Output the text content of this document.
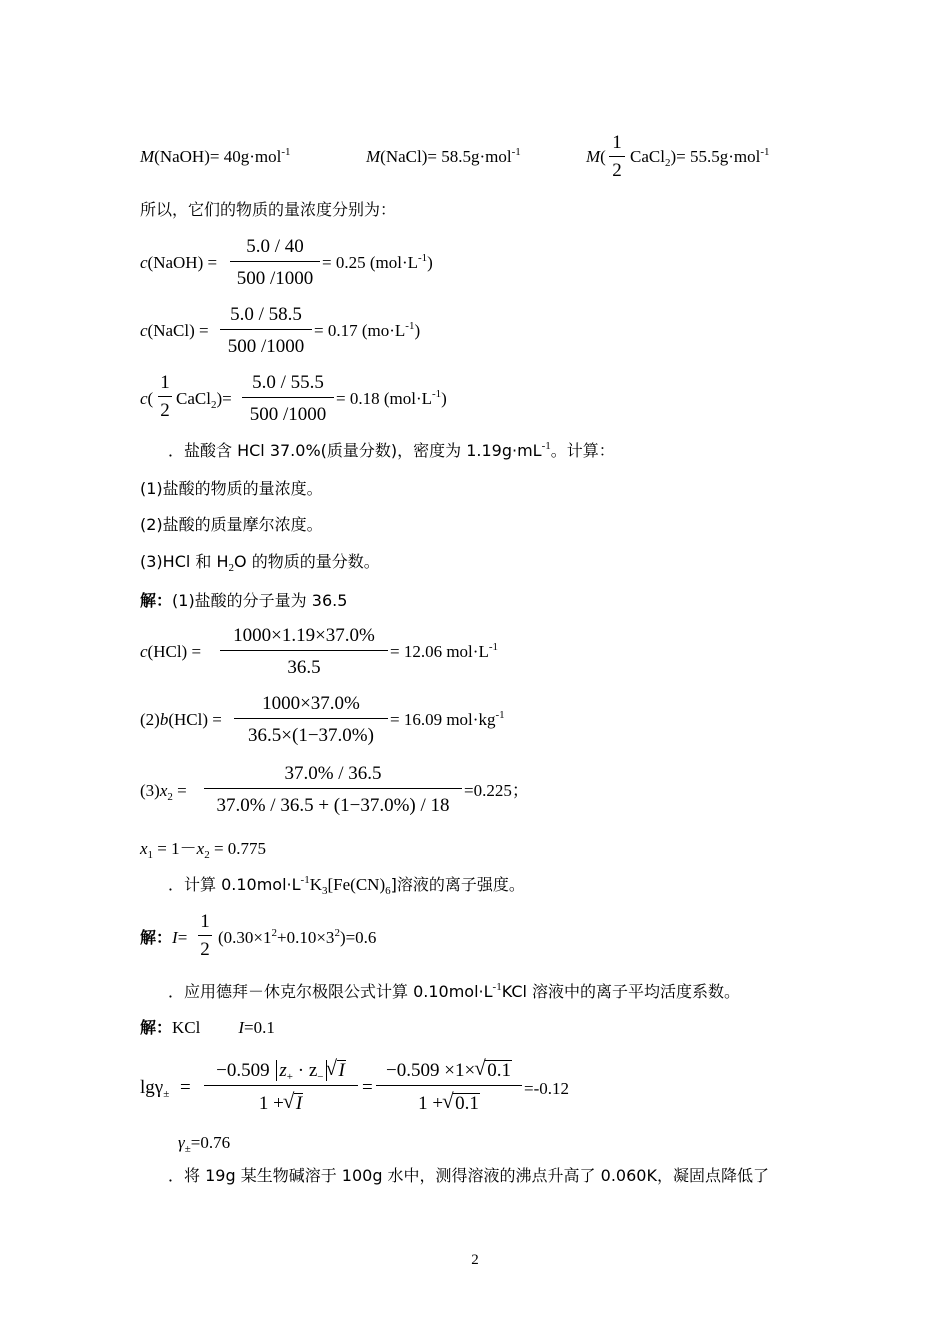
M(NaOH)= 40g·mol$^{-1}$	M(NaCl)= 58.5g·mol$^{-1}$	M(
1
2
CaCl$_2$)= 55.5g·mol$^{-1}$
所以，它们的物质的量浓度分别为：
c(NaOH) =
5.0 / 40
500 /1000
= 0.25 $(mol\cdot L^{-1})$
c(NaCl) =
5.0 / 58.5
500 /1000
= 0.17 $(mo\cdot L^{-1})$
c(
1
2
CaCl$_2$)=
5.0 / 55.5
500 /1000
= 0.18 $(mol\cdot L^{-1})$
．盐酸含 HCl 37.0%(质量分数)，密度为 $1.19g\cdot mL^{-1}$。计算：
(1)盐酸的物质的量浓度。
(2)盐酸的质量摩尔浓度。
(3)HCl 和 $H_2O$ 的物质的量分数。
解：(1)盐酸的分子量为 36.5
c(HCl) =
1000×1.19×37.0%
36.5
= 12.06 $mol\cdot L^{-1}$
(2)b(HCl) =
1000×37.0%
36.5×(1−37.0%)
= 16.09 $mol\cdot kg^{-1}$
$(3)x_2$ =
37.0% / 36.5
37.0% / 36.5 + (1−37.0%) / 18
=0.225；
$x_1 = 1-x_2 = 0.775$
．计算 $0.10mol\cdot L^{-1}K_3[Fe(CN)_6]$溶液的离子强度。
解：I=
1
2
$(0.30\times 1^2+0.10\times 3^2)=0.6$
．应用德拜－休克尔极限公式计算 $0.10mol\cdot L^{-1}KCl$ 溶液中的离子平均活度系数。
解：KCl I=0.1
lgγ$_\pm$ =
−0.509 $z_+ \cdot z_-√$ I
1 +√ I
=
−0.509 ×1×√ 0.1
1 +√ 0.1
=-0.12
$\gamma_\pm=0.76$
．将 19g 某生物碱溶于 100g 水中，测得溶液的沸点升高了 0.060K，凝固点降低了
2
